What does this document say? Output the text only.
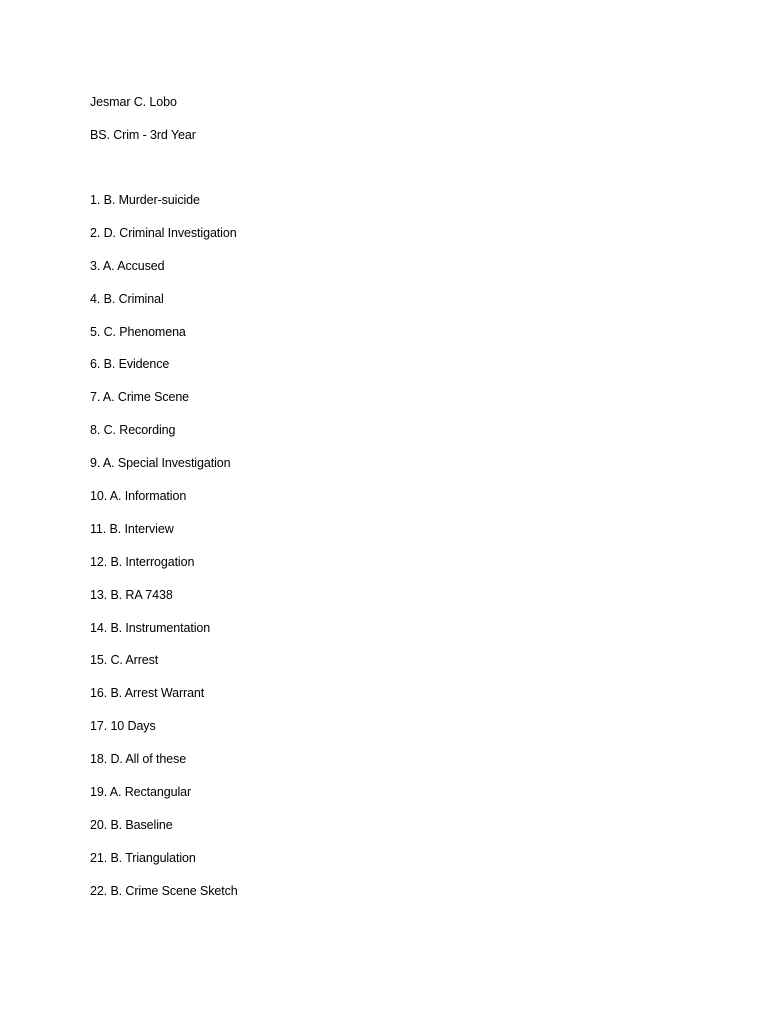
Jesmar C. Lobo
BS. Crim - 3rd Year
1. B. Murder-suicide
2. D. Criminal Investigation
3. A. Accused
4. B. Criminal
5. C. Phenomena
6. B. Evidence
7. A. Crime Scene
8. C. Recording
9. A. Special Investigation
10. A. Information
11. B. Interview
12. B. Interrogation
13. B. RA 7438
14. B. Instrumentation
15. C. Arrest
16. B. Arrest Warrant
17. 10 Days
18. D. All of these
19. A. Rectangular
20. B. Baseline
21. B. Triangulation
22. B. Crime Scene Sketch
